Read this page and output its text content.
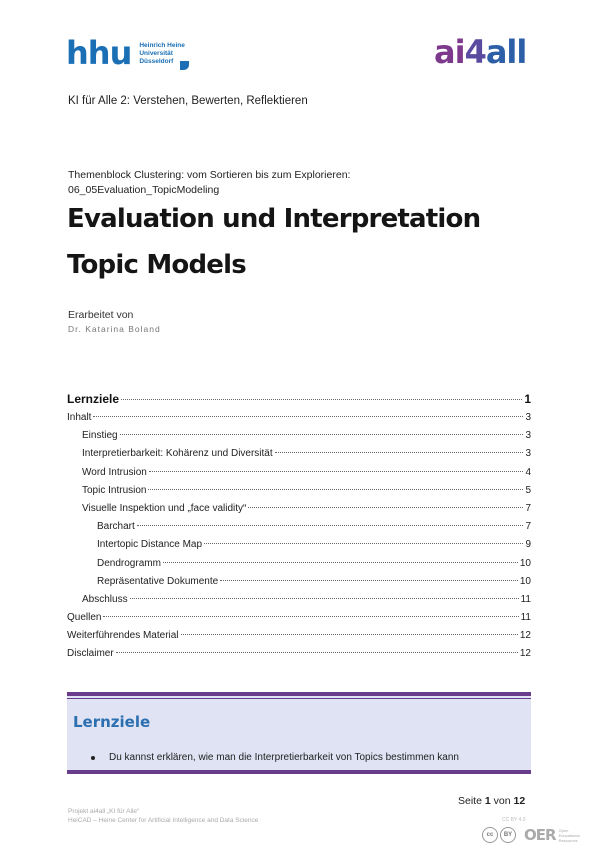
hhu Heinrich Heine
Universität
Düsseldorf	ai4all
KI für Alle 2: Verstehen, Bewerten, Reflektieren
Themenblock Clustering: vom Sortieren bis zum Explorieren:
06_05Evaluation_TopicModeling
Evaluation und Interpretation
Topic Models
Erarbeitet von
Dr. Katarina Boland
Lernziele	1
Inhalt	3
Einstieg	3
Interpretierbarkeit: Kohärenz und Diversität	3
Word Intrusion	4
Topic Intrusion	5
Visuelle Inspektion und „face validity“	7
Barchart	7
Intertopic Distance Map	9
Dendrogramm	10
Repräsentative Dokumente	10
Abschluss	11
Quellen	11
Weiterführendes Material	12
Disclaimer	12
Lernziele
Du kannst erklären, wie man die Interpretierbarkeit von Topics bestimmen kann
Projekt ai4all „KI für Alle“
HeiCAD – Heine Center for Artificial Intelligence and Data Science
Seite 1 von 12
CC BY 4.0
cc	BY OER Open
Educational
Resources
